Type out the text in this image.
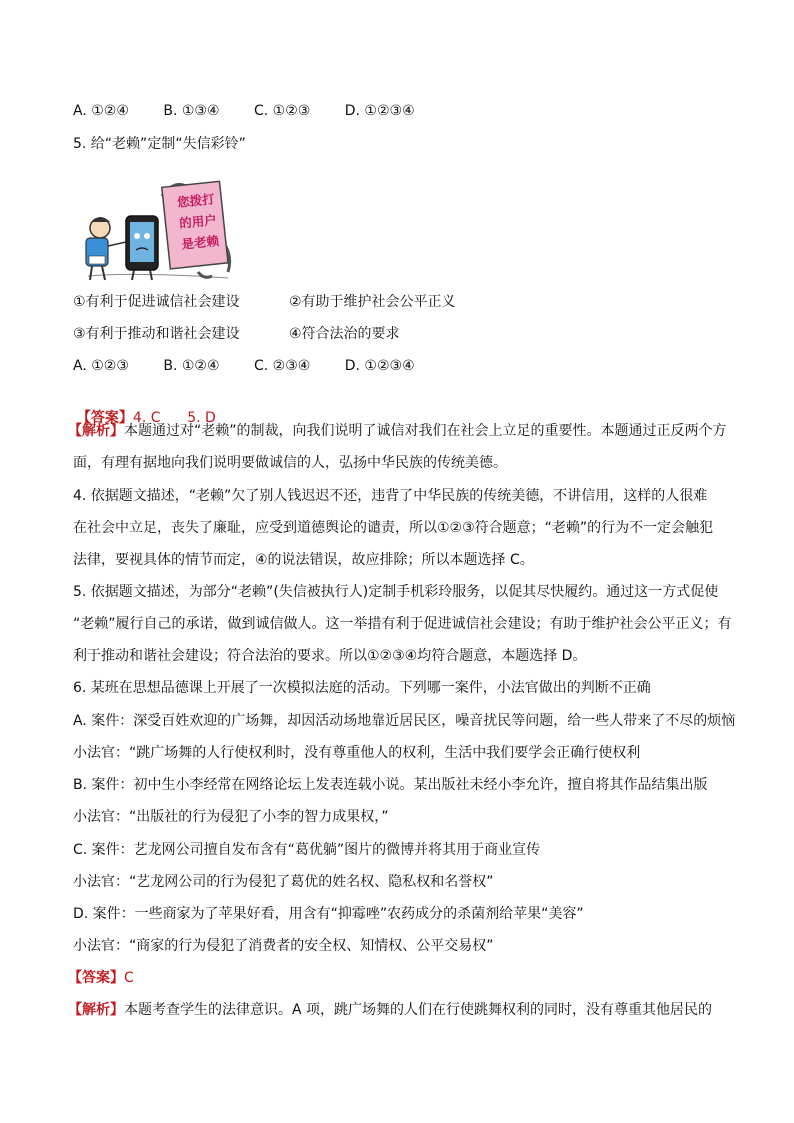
A. ①②④ B. ①③④ C. ①②③ D. ①②③④
5. 给“老赖”定制“失信彩铃”
您拨打
的用户
是老赖
①有利于促进诚信社会建设	②有助于维护社会公平正义
③有利于推动和谐社会建设	④符合法治的要求
A. ①②③ B. ①②④ C. ②③④ D. ①②③④

【答案】4. C      5. D

【解析】本题通过对“老赖”的制裁，向我们说明了诚信对我们在社会上立足的重要性。本题通过正反两个方
面，有理有据地向我们说明要做诚信的人，弘扬中华民族的传统美德。
4. 依据题文描述，“老赖”欠了别人钱迟迟不还，违背了中华民族的传统美德，不讲信用，这样的人很难
在社会中立足，丧失了廉耻，应受到道德舆论的谴责，所以①②③符合题意；“老赖”的行为不一定会触犯
法律，要视具体的情节而定，④的说法错误，故应排除；所以本题选择 C。
5. 依据题文描述，为部分“老赖”(失信被执行人)定制手机彩玲服务，以促其尽快履约。通过这一方式促使
“老赖”履行自己的承诺，做到诚信做人。这一举措有利于促进诚信社会建设；有助于维护社会公平正义；有
利于推动和谐社会建设；符合法治的要求。所以①②③④均符合题意，本题选择 D。
6. 某班在思想品德课上开展了一次模拟法庭的活动。下列哪一案件，小法官做出的判断不正确
A. 案件：深受百姓欢迎的广场舞，却因活动场地靠近居民区，噪音扰民等问题，给一些人带来了不尽的烦恼
小法官：“跳广场舞的人行使权利时，没有尊重他人的权利，生活中我们要学会正确行使权利
B. 案件：初中生小李经常在网络论坛上发表连载小说。某出版社未经小李允许，擅自将其作品结集出版
小法官：“出版社的行为侵犯了小李的智力成果权，”
C. 案件：艺龙网公司擅自发布含有“葛优躺”图片的微博并将其用于商业宣传
小法官：“艺龙网公司的行为侵犯了葛优的姓名权、隐私权和名誉权”
D. 案件：一些商家为了苹果好看，用含有“抑霉唑”农药成分的杀菌剂给苹果“美容”
小法官：“商家的行为侵犯了消费者的安全权、知情权、公平交易权”
【答案】C
【解析】本题考查学生的法律意识。A 项，跳广场舞的人们在行使跳舞权利的同时，没有尊重其他居民的
